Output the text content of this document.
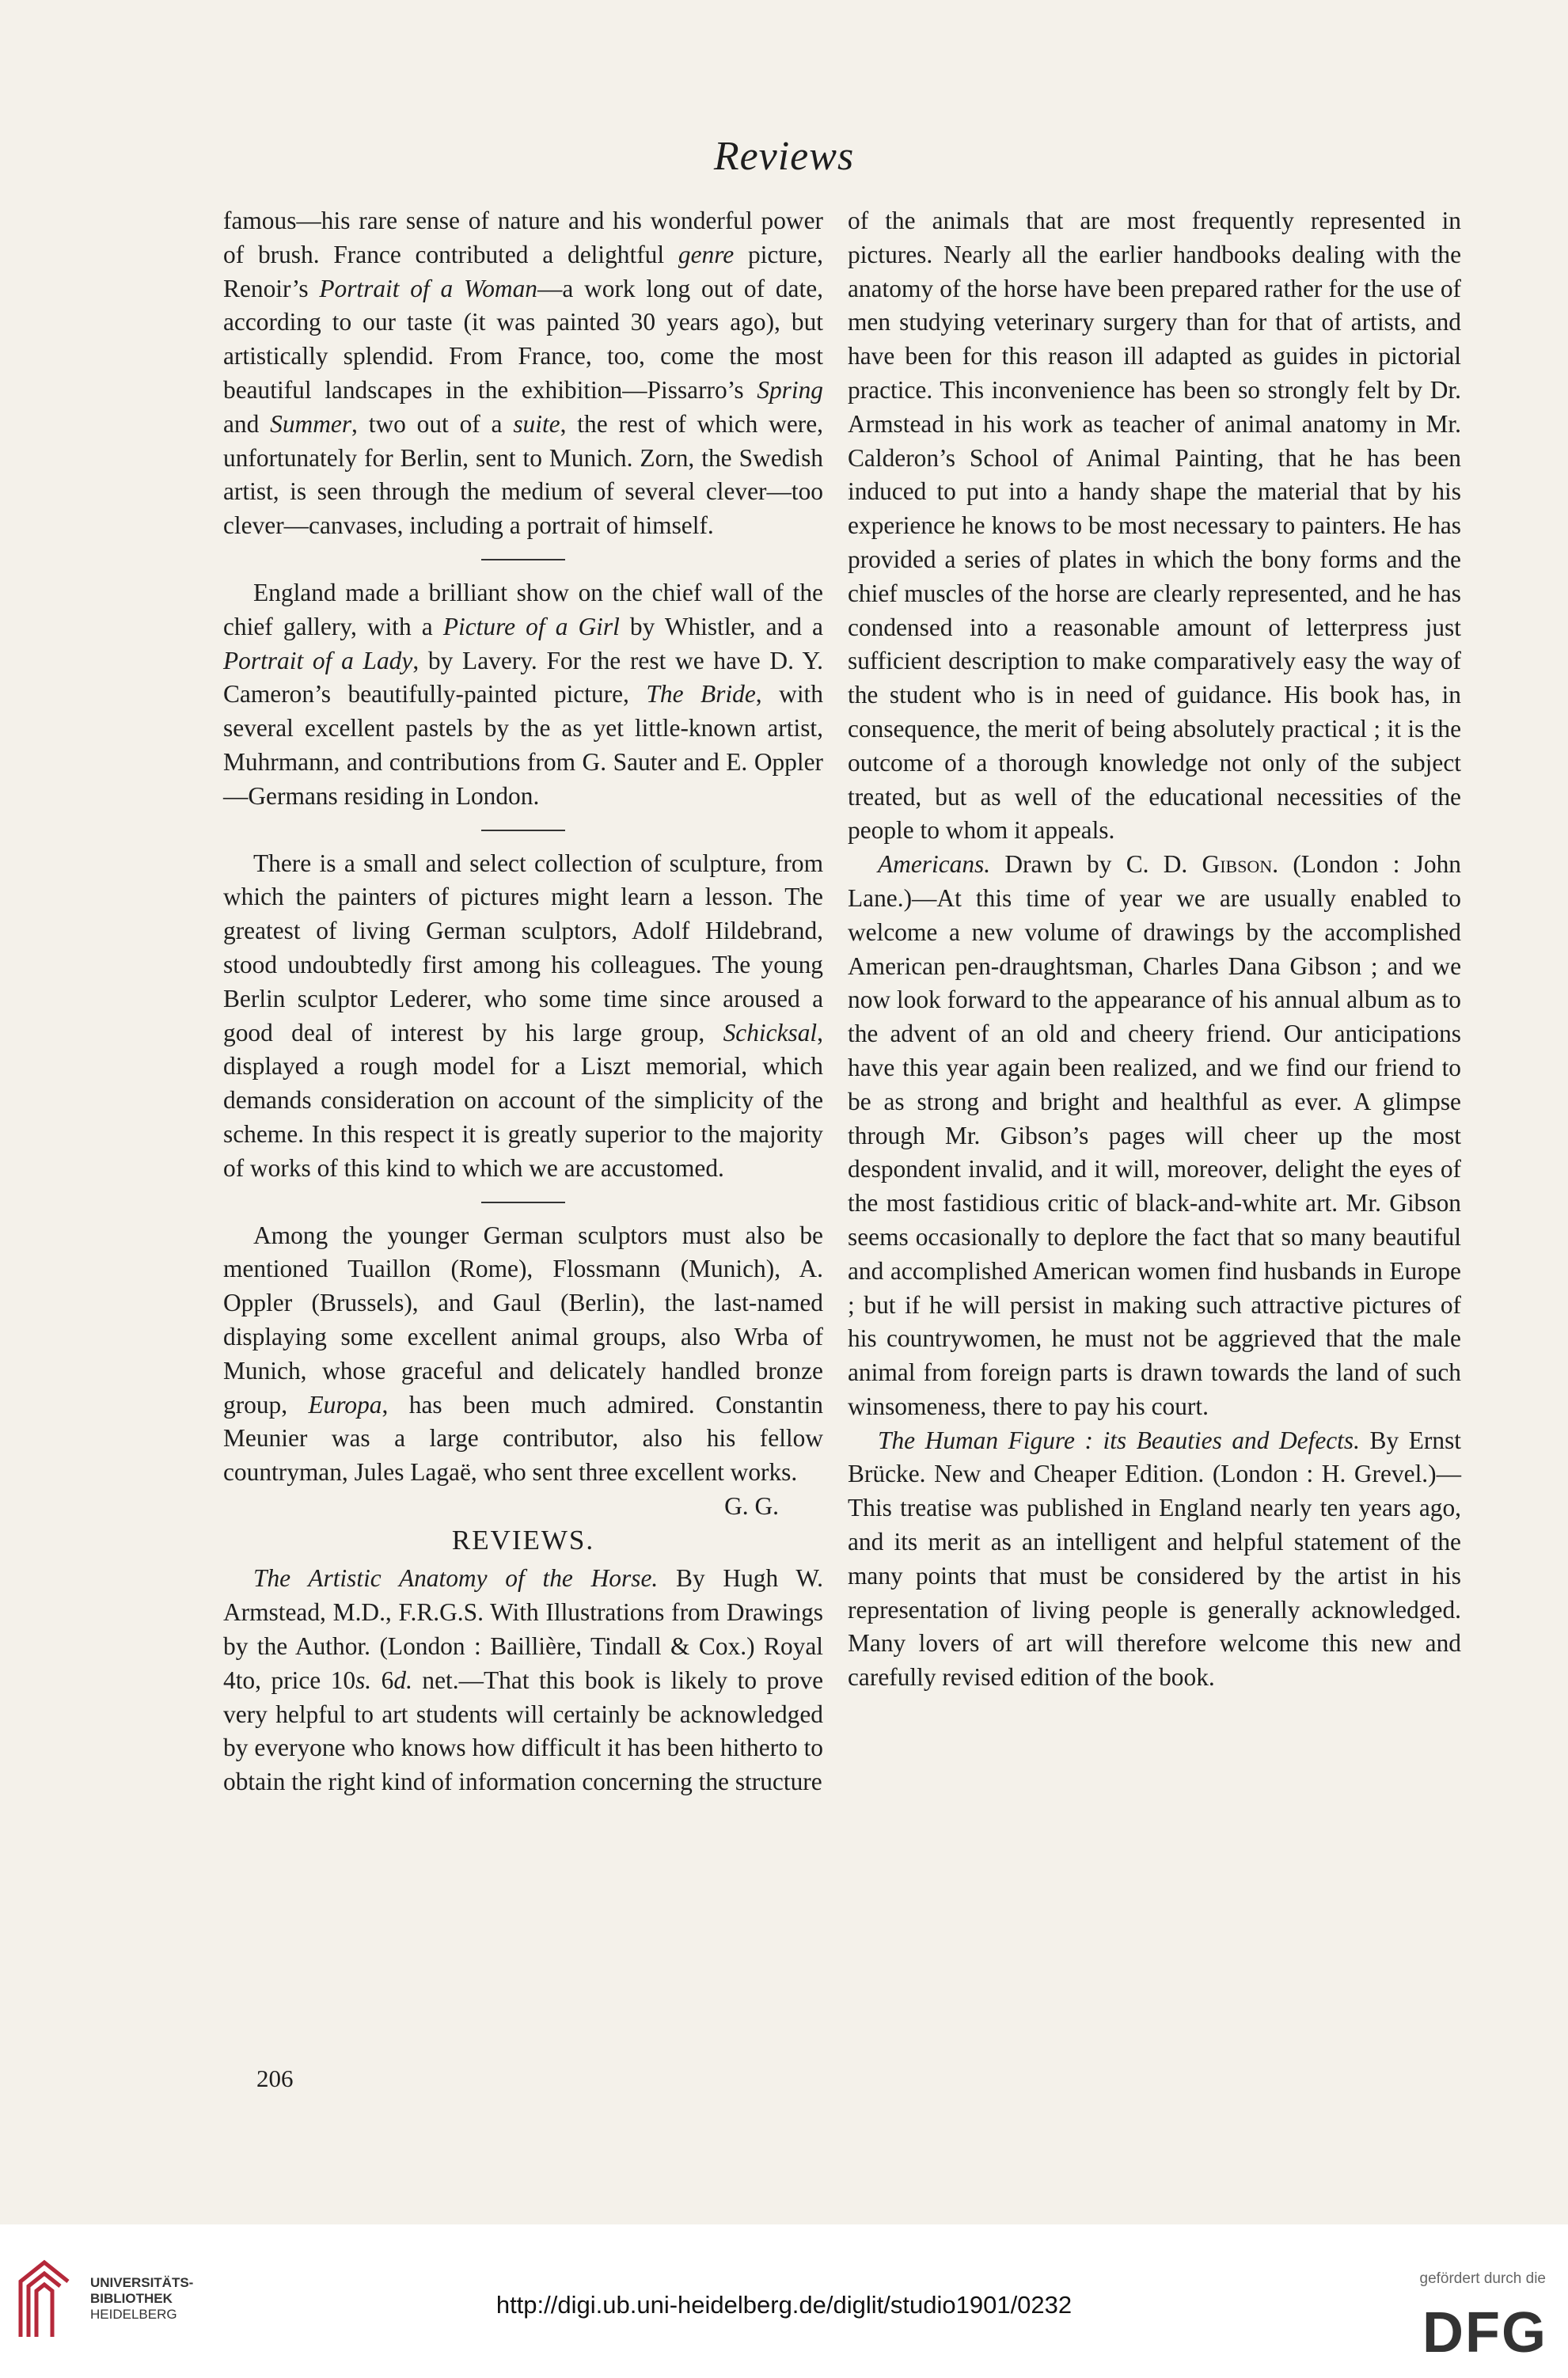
Reviews

famous—his rare sense of nature and his wonderful power of brush. France contributed a delightful genre picture, Renoir’s Portrait of a Woman—a work long out of date, according to our taste (it was painted 30 years ago), but artistically splendid. From France, too, come the most beautiful landscapes in the exhibition—Pissarro’s Spring and Summer, two out of a suite, the rest of which were, unfortunately for Berlin, sent to Munich. Zorn, the Swedish artist, is seen through the medium of several clever—too clever—canvases, including a portrait of himself.

England made a brilliant show on the chief wall of the chief gallery, with a Picture of a Girl by Whistler, and a Portrait of a Lady, by Lavery. For the rest we have D. Y. Cameron’s beautifully-painted picture, The Bride, with several excellent pastels by the as yet little-known artist, Muhrmann, and contributions from G. Sauter and E. Oppler—Germans residing in London.

There is a small and select collection of sculpture, from which the painters of pictures might learn a lesson. The greatest of living German sculptors, Adolf Hildebrand, stood undoubtedly first among his colleagues. The young Berlin sculptor Lederer, who some time since aroused a good deal of interest by his large group, Schicksal, displayed a rough model for a Liszt memorial, which demands consideration on account of the simplicity of the scheme. In this respect it is greatly superior to the majority of works of this kind to which we are accustomed.

Among the younger German sculptors must also be mentioned Tuaillon (Rome), Flossmann (Munich), A. Oppler (Brussels), and Gaul (Berlin), the last-named displaying some excellent animal groups, also Wrba of Munich, whose graceful and delicately handled bronze group, Europa, has been much admired. Constantin Meunier was a large contributor, also his fellow countryman, Jules Lagaë, who sent three excellent works.
G. G.

REVIEWS.

The Artistic Anatomy of the Horse. By Hugh W. Armstead, M.D., F.R.G.S. With Illustrations from Drawings by the Author. (London : Baillière, Tindall & Cox.) Royal 4to, price 10s. 6d. net.—That this book is likely to prove very helpful to art students will certainly be acknowledged by everyone who knows how difficult it has been hitherto to obtain the right kind of information concerning the structure

of the animals that are most frequently represented in pictures. Nearly all the earlier handbooks dealing with the anatomy of the horse have been prepared rather for the use of men studying veterinary surgery than for that of artists, and have been for this reason ill adapted as guides in pictorial practice. This inconvenience has been so strongly felt by Dr. Armstead in his work as teacher of animal anatomy in Mr. Calderon’s School of Animal Painting, that he has been induced to put into a handy shape the material that by his experience he knows to be most necessary to painters. He has provided a series of plates in which the bony forms and the chief muscles of the horse are clearly represented, and he has condensed into a reasonable amount of letterpress just sufficient description to make comparatively easy the way of the student who is in need of guidance. His book has, in consequence, the merit of being absolutely practical ; it is the outcome of a thorough knowledge not only of the subject treated, but as well of the educational necessities of the people to whom it appeals.

Americans. Drawn by C. D. Gibson. (London : John Lane.)—At this time of year we are usually enabled to welcome a new volume of drawings by the accomplished American pen-draughtsman, Charles Dana Gibson ; and we now look forward to the appearance of his annual album as to the advent of an old and cheery friend. Our anticipations have this year again been realized, and we find our friend to be as strong and bright and healthful as ever. A glimpse through Mr. Gibson’s pages will cheer up the most despondent invalid, and it will, moreover, delight the eyes of the most fastidious critic of black-and-white art. Mr. Gibson seems occasionally to deplore the fact that so many beautiful and accomplished American women find husbands in Europe ; but if he will persist in making such attractive pictures of his countrywomen, he must not be aggrieved that the male animal from foreign parts is drawn towards the land of such winsomeness, there to pay his court.

The Human Figure : its Beauties and Defects. By Ernst Brücke. New and Cheaper Edition. (London : H. Grevel.)—This treatise was published in England nearly ten years ago, and its merit as an intelligent and helpful statement of the many points that must be considered by the artist in his representation of living people is generally acknowledged. Many lovers of art will therefore welcome this new and carefully revised edition of the book.

206
UNIVERSITÄTS-
BIBLIOTHEK
HEIDELBERG	http://digi.ub.uni-heidelberg.de/diglit/studio1901/0232
gefördert durch die
DFG
